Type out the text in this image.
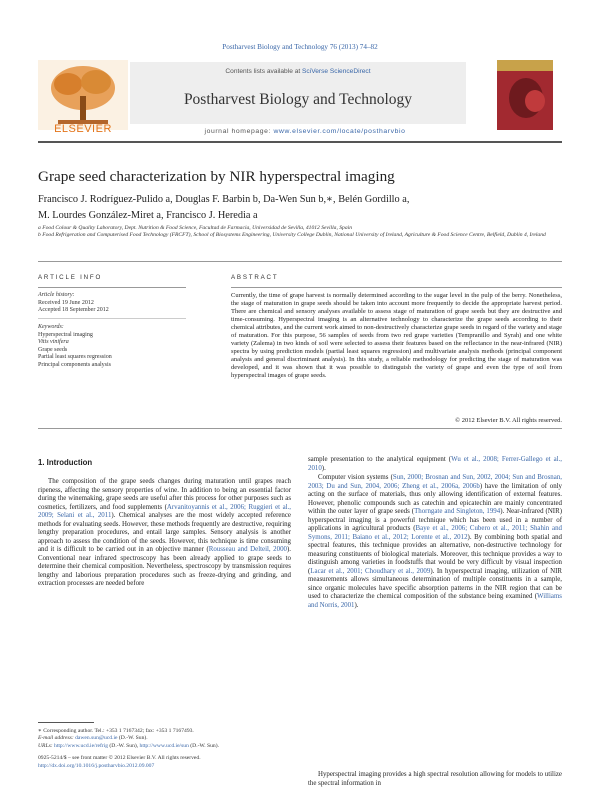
Postharvest Biology and Technology 76 (2013) 74–82
Contents lists available at SciVerse ScienceDirect
Postharvest Biology and Technology
ELSEVIER	journal homepage: www.elsevier.com/locate/postharvbio
Grape seed characterization by NIR hyperspectral imaging
Francisco J. Rodríguez-Pulido a, Douglas F. Barbin b, Da-Wen Sun b,∗, Belén Gordillo a,
M. Lourdes González-Miret a, Francisco J. Heredia a
a Food Colour & Quality Laboratory, Dept. Nutrition & Food Science, Facultad de Farmacia, Universidad de Sevilla, 41012 Sevilla, Spain
b Food Refrigeration and Computerised Food Technology (FRCFT), School of Biosystems Engineering, University College Dublin, National University of Ireland, Agriculture & Food Science Centre, Belfield, Dublin 4, Ireland
ARTICLE INFO	ABSTRACT
Article history:
Received 19 June 2012
Accepted 18 September 2012
Keywords:
Hyperspectral imaging
Vitis vinifera
Grape seeds
Partial least squares regression
Principal components analysis
Currently, the time of grape harvest is normally determined according to the sugar level in the pulp of the berry. Nonetheless, the stage of maturation in grape seeds should be taken into account more frequently to decide the appropriate harvest period. There are chemical and sensory analyses available to assess stage of maturation of grape seeds but they are destructive and time-consuming. Hyperspectral imaging is an alternative technology to characterize the grape seeds according to their chemical attributes, and the current work aimed to non-destructively characterize grape seeds in regard of the variety and stage of maturation. For this purpose, 56 samples of seeds from two red grape varieties (Tempranillo and Syrah) and one white variety (Zalema) in two kinds of soil were selected to assess their features based on the reflectance in the near-infrared (NIR) spectra by using prediction models (partial least squares regression) and multivariate analysis methods (principal component analysis and general discriminant analysis). In this study, a reliable methodology for predicting the stage of maturation was developed, and it was shown that it was possible to distinguish the variety of grape and even the type of soil from hyperspectral images of grape seeds.
© 2012 Elsevier B.V. All rights reserved.
1. Introduction
The composition of the grape seeds changes during maturation until grapes reach ripeness, affecting the sensory properties of wine. In addition to being an essential factor during the winemaking, grape seeds are useful after this process for other purposes such as cosmetics, fertilizers, and food supplements (Arvanitoyannis et al., 2006; Ruggieri et al., 2009; Selani et al., 2011). Chemical analyses are the most widely accepted reference methods for evaluating seeds. However, these methods frequently are destructive, requiring lengthy preparation procedures, and entail large samples. Sensory analysis is another approach to assess the condition of the seeds. However, this technique is time consuming and it is difficult to be carried out in an objective manner (Rousseau and Delteil, 2000). Conventional near infrared spectroscopy has been already applied to grape seeds to determine their chemical composition. Nevertheless, spectroscopy by transmission requires lengthy and laborious preparation procedures such as freeze-drying and grinding, and extraction processes are needed before
sample presentation to the analytical equipment (Wu et al., 2008; Ferrer-Gallego et al., 2010).
Computer vision systems (Sun, 2000; Brosnan and Sun, 2002, 2004; Sun and Brosnan, 2003; Du and Sun, 2004, 2006; Zheng et al., 2006a, 2006b) have the limitation of only acting on the surface of materials, thus only allowing identification of external features. However, phenolic compounds such as catechin and epicatechin are mainly concentrated within the outer layer of grape seeds (Thorngate and Singleton, 1994). Near-infrared (NIR) hyperspectral imaging is a powerful technique which has been used in a number of applications in agricultural products (Baye et al., 2006; Cubero et al., 2011; Shahin and Symons, 2011; Baiano et al., 2012; Lorente et al., 2012). By combining both spatial and spectral features, this technique provides an alternative, non-destructive technology for measuring constituents of biological materials. Moreover, this technique provides a way to distinguish among varieties in foodstuffs that would be very difficult by visual inspection (Lacar et al., 2001; Choudhary et al., 2009). In hyperspectral imaging, utilization of NIR measurements allows simultaneous determination of multiple constituents in a sample, since organic molecules have specific absorption patterns in the NIR region that can be used to characterize the chemical composition of the substance being examined (Williams and Norris, 2001).
Hyperspectral imaging provides a high spectral resolution allowing for models to utilize the spectral information in
∗ Corresponding author. Tel.: +353 1 7167342; fax: +353 1 7167493.
E-mail address: dawen.sun@ucd.ie (D.-W. Sun).
URLs: http://www.ucd.ie/refrig (D.-W. Sun), http://www.ucd.ie/sun (D.-W. Sun).
0925-5214/$ – see front matter © 2012 Elsevier B.V. All rights reserved.
http://dx.doi.org/10.1016/j.postharvbio.2012.09.007
